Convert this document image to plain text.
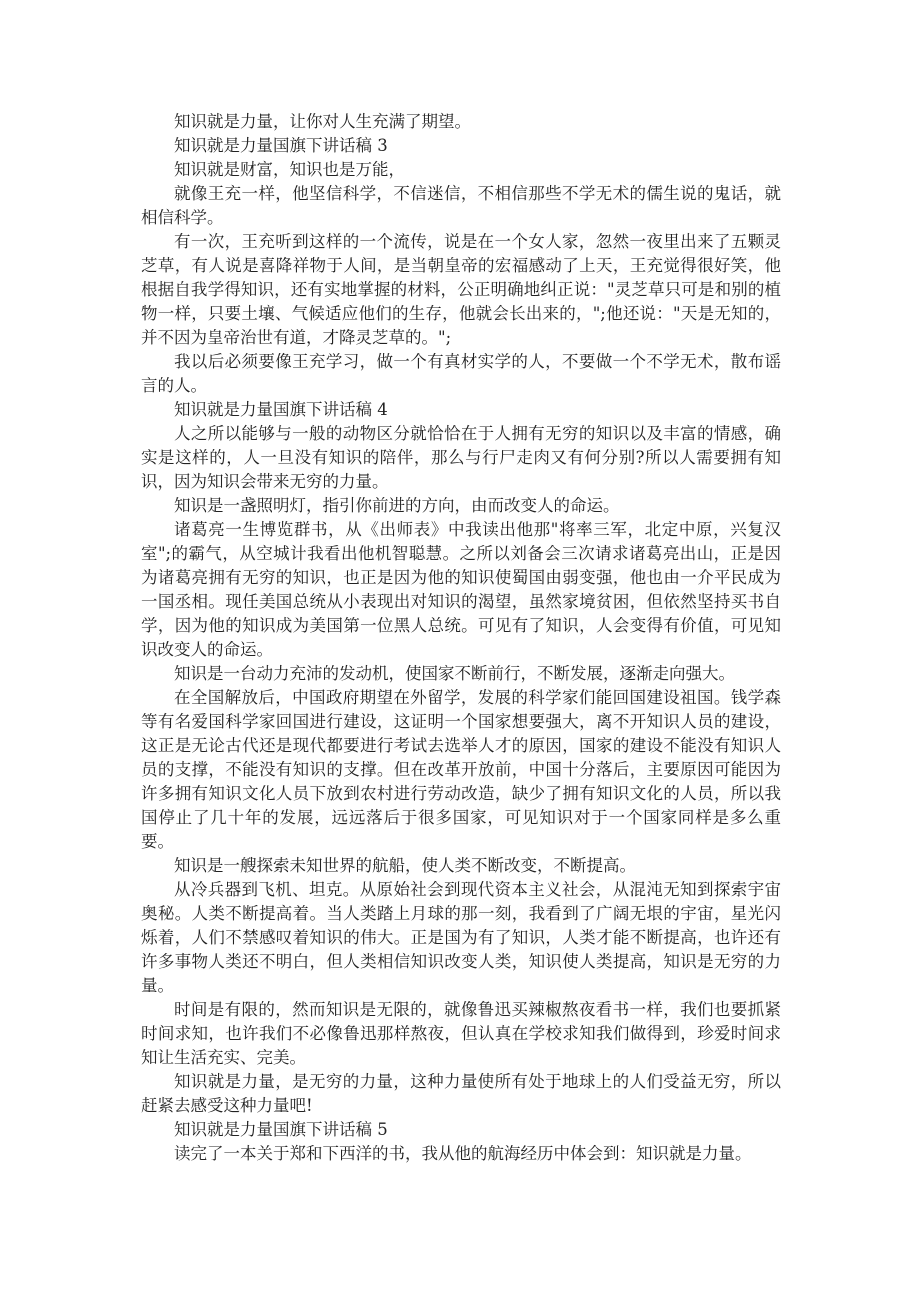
知识就是力量，让你对人生充满了期望。

知识就是力量国旗下讲话稿 3

知识就是财富，知识也是万能，

就像王充一样，他坚信科学，不信迷信，不相信那些不学无术的儒生说的鬼话，就相信科学。

有一次，王充听到这样的一个流传，说是在一个女人家，忽然一夜里出来了五颗灵芝草，有人说是喜降祥物于人间，是当朝皇帝的宏福感动了上天，王充觉得很好笑，他根据自我学得知识，还有实地掌握的材料，公正明确地纠正说："灵芝草只可是和别的植物一样，只要土壤、气候适应他们的生存，他就会长出来的，";他还说："天是无知的，并不因为皇帝治世有道，才降灵芝草的。";

我以后必须要像王充学习，做一个有真材实学的人，不要做一个不学无术，散布谣言的人。

知识就是力量国旗下讲话稿 4

人之所以能够与一般的动物区分就恰恰在于人拥有无穷的知识以及丰富的情感，确实是这样的，人一旦没有知识的陪伴，那么与行尸走肉又有何分别?所以人需要拥有知识，因为知识会带来无穷的力量。

知识是一盏照明灯，指引你前进的方向，由而改变人的命运。

诸葛亮一生博览群书，从《出师表》中我读出他那"将率三军，北定中原，兴复汉室";的霸气，从空城计我看出他机智聪慧。之所以刘备会三次请求诸葛亮出山，正是因为诸葛亮拥有无穷的知识，也正是因为他的知识使蜀国由弱变强，他也由一介平民成为一国丞相。现任美国总统从小表现出对知识的渴望，虽然家境贫困，但依然坚持买书自学，因为他的知识成为美国第一位黑人总统。可见有了知识，人会变得有价值，可见知识改变人的命运。

知识是一台动力充沛的发动机，使国家不断前行，不断发展，逐渐走向强大。

在全国解放后，中国政府期望在外留学，发展的科学家们能回国建设祖国。钱学森等有名爱国科学家回国进行建设，这证明一个国家想要强大，离不开知识人员的建设，这正是无论古代还是现代都要进行考试去选举人才的原因，国家的建设不能没有知识人员的支撑，不能没有知识的支撑。但在改革开放前，中国十分落后，主要原因可能因为许多拥有知识文化人员下放到农村进行劳动改造，缺少了拥有知识文化的人员，所以我国停止了几十年的发展，远远落后于很多国家，可见知识对于一个国家同样是多么重要。

知识是一艘探索未知世界的航船，使人类不断改变，不断提高。

从冷兵器到飞机、坦克。从原始社会到现代资本主义社会，从混沌无知到探索宇宙奥秘。人类不断提高着。当人类踏上月球的那一刻，我看到了广阔无垠的宇宙，星光闪烁着，人们不禁感叹着知识的伟大。正是国为有了知识，人类才能不断提高，也许还有许多事物人类还不明白，但人类相信知识改变人类，知识使人类提高，知识是无穷的力量。

时间是有限的，然而知识是无限的，就像鲁迅买辣椒熬夜看书一样，我们也要抓紧时间求知，也许我们不必像鲁迅那样熬夜，但认真在学校求知我们做得到，珍爱时间求知让生活充实、完美。

知识就是力量，是无穷的力量，这种力量使所有处于地球上的人们受益无穷，所以赶紧去感受这种力量吧!

知识就是力量国旗下讲话稿 5

读完了一本关于郑和下西洋的书，我从他的航海经历中体会到：知识就是力量。
